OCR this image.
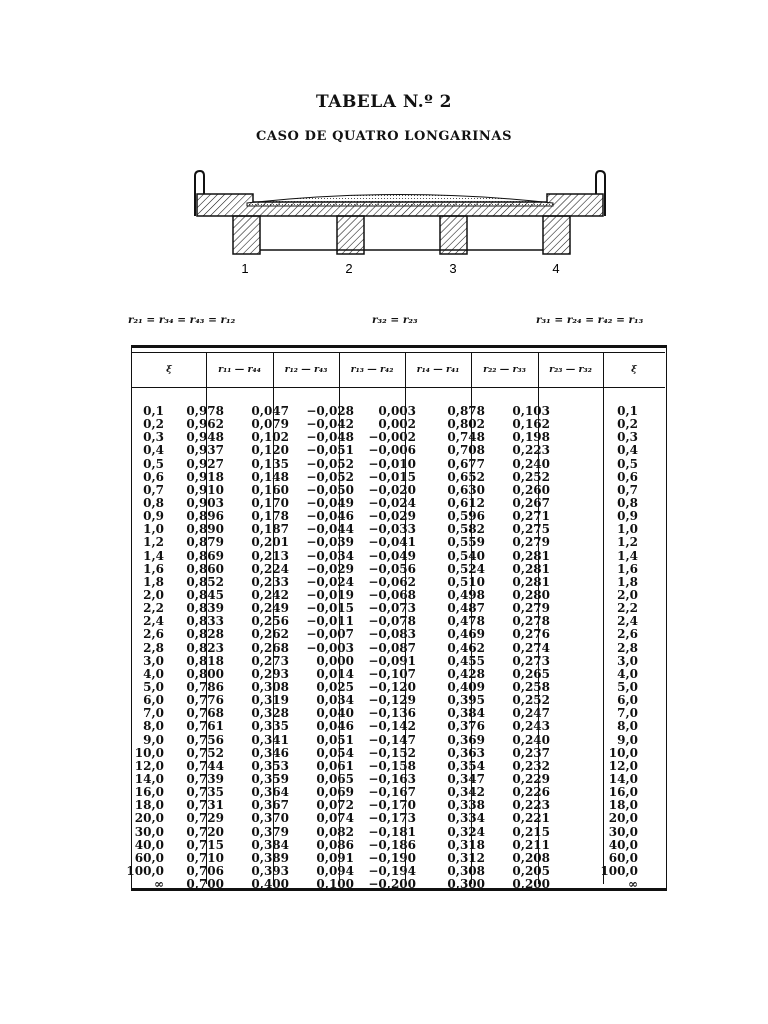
TABELA N.º 2
CASO DE QUATRO LONGARINAS
1	2	3	4
r₂₁ = r₃₄ = r₄₃ = r₁₂	r₃₂ = r₂₃	r₃₁ = r₂₄ = r₄₂ = r₁₃
ξ	r₁₁ — r₄₄	r₁₂ — r₄₃	r₁₃ — r₄₂	r₁₄ — r₄₁	r₂₂ — r₃₃	r₂₃ — r₃₂	ξ
0,1 0,978 0,047 −0,028 0,003	0,878 0,103	0,1
0,2 0,962 0,079 −0,042 0,002	0,802 0,162	0,2
0,3 0,948 0,102 −0,048 −0,002	0,748 0,198	0,3
0,4 0,937 0,120 −0,051 −0,006	0,708 0,223	0,4
0,5 0,927 0,135 −0,052 −0,010	0,677 0,240	0,5
0,6 0,918 0,148 −0,052 −0,015	0,652 0,252	0,6
0,7 0,910 0,160 −0,050 −0,020	0,630 0,260	0,7
0,8 0,903 0,170 −0,049 −0,024	0,612 0,267	0,8
0,9 0,896 0,178 −0,046 −0,029	0,596 0,271	0,9
1,0 0,890 0,187 −0,044 −0,033	0,582 0,275	1,0
1,2 0,879 0,201 −0,039 −0,041	0,559 0,279	1,2
1,4 0,869 0,213 −0,034 −0,049	0,540 0,281	1,4
1,6 0,860 0,224 −0,029 −0,056	0,524 0,281	1,6
1,8 0,852 0,233 −0,024 −0,062	0,510 0,281	1,8
2,0 0,845 0,242 −0,019 −0,068	0,498 0,280	2,0
2,2 0,839 0,249 −0,015 −0,073	0,487 0,279	2,2
2,4 0,833 0,256 −0,011 −0,078	0,478 0,278	2,4
2,6 0,828 0,262 −0,007 −0,083	0,469 0,276	2,6
2,8 0,823 0,268 −0,003 −0,087	0,462 0,274	2,8
3,0 0,818 0,273 0,000 −0,091	0,455 0,273	3,0
4,0 0,800 0,293 0,014 −0,107	0,428 0,265	4,0
5,0 0,786 0,308 0,025 −0,120	0,409 0,258	5,0
6,0 0,776 0,319 0,034 −0,129	0,395 0,252	6,0
7,0 0,768 0,328 0,040 −0,136	0,384 0,247	7,0
8,0 0,761 0,335 0,046 −0,142	0,376 0,243	8,0
9,0 0,756 0,341 0,051 −0,147	0,369 0,240	9,0
10,0 0,752 0,346 0,054 −0,152	0,363 0,237	10,0
12,0 0,744 0,353 0,061 −0,158	0,354 0,232	12,0
14,0 0,739 0,359 0,065 −0,163	0,347 0,229	14,0
16,0 0,735 0,364 0,069 −0,167	0,342 0,226	16,0
18,0 0,731 0,367 0,072 −0,170	0,338 0,223	18,0
20,0 0,729 0,370 0,074 −0,173	0,334 0,221	20,0
30,0 0,720 0,379 0,082 −0,181	0,324 0,215	30,0
40,0 0,715 0,384 0,086 −0,186	0,318 0,211	40,0
60,0 0,710 0,389 0,091 −0,190	0,312 0,208	60,0
100,0 0,706 0,393 0,094 −0,194	0,308 0,205	100,0
∞ 0,700 0,400 0,100 −0,200	0,300 0,200	∞
